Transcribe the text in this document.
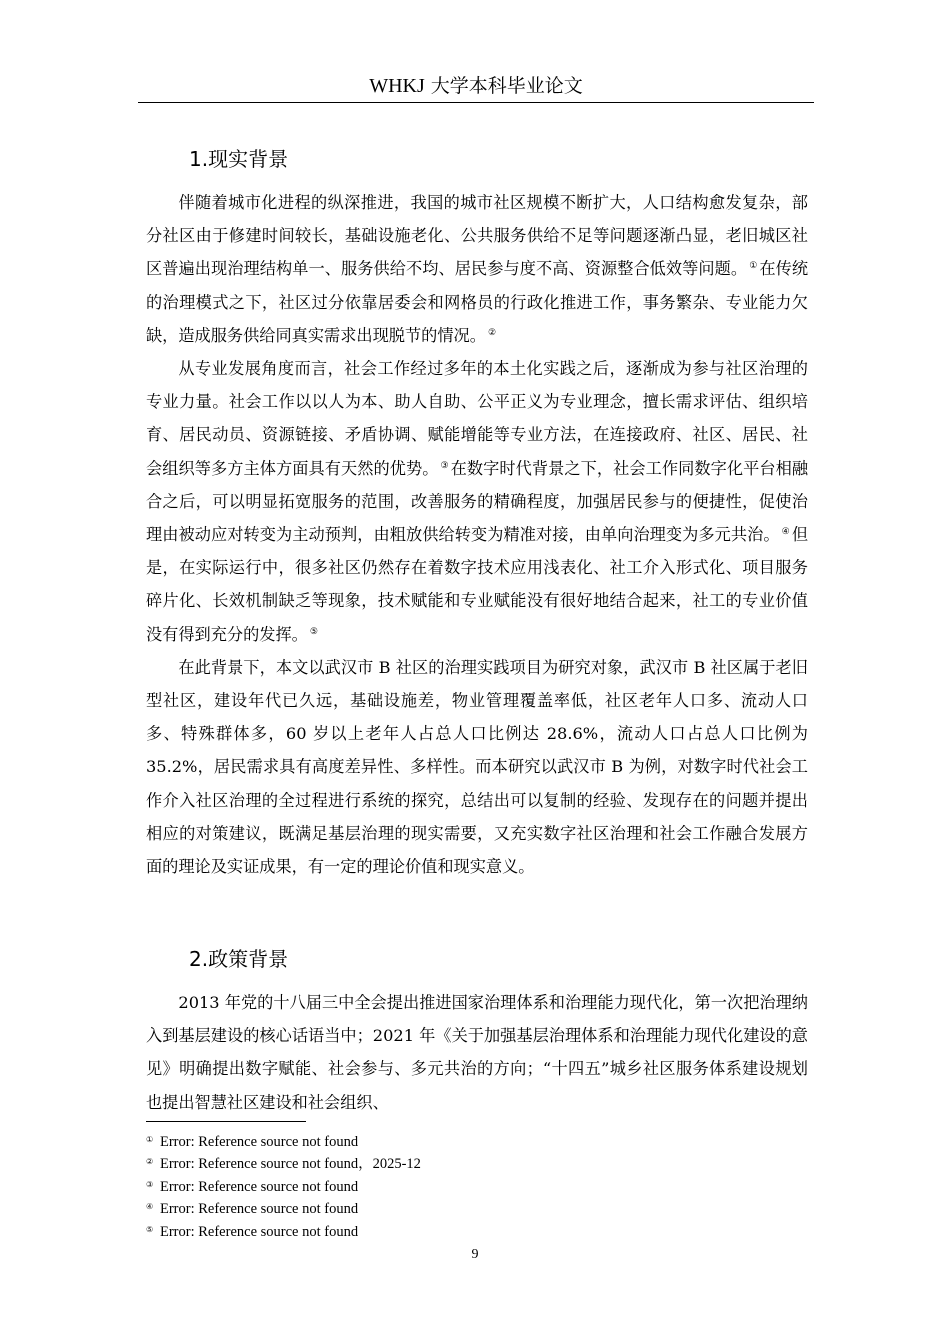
WHKJ 大学本科毕业论文
1.现实背景

伴随着城市化进程的纵深推进，我国的城市社区规模不断扩大，人口结构愈发复杂，部分社区由于修建时间较长，基础设施老化、公共服务供给不足等问题逐渐凸显，老旧城区社区普遍出现治理结构单一、服务供给不均、居民参与度不高、资源整合低效等问题。 ① 在传统的治理模式之下，社区过分依靠居委会和网格员的行政化推进工作，事务繁杂、专业能力欠缺，造成服务供给同真实需求出现脱节的情况。 ②

从专业发展角度而言，社会工作经过多年的本土化实践之后，逐渐成为参与社区治理的专业力量。社会工作以以人为本、助人自助、公平正义为专业理念，擅长需求评估、组织培育、居民动员、资源链接、矛盾协调、赋能增能等专业方法，在连接政府、社区、居民、社会组织等多方主体方面具有天然的优势。 ③ 在数字时代背景之下，社会工作同数字化平台相融合之后，可以明显拓宽服务的范围，改善服务的精确程度，加强居民参与的便捷性，促使治理由被动应对转变为主动预判，由粗放供给转变为精准对接，由单向治理变为多元共治。 ④ 但是，在实际运行中，很多社区仍然存在着数字技术应用浅表化、社工介入形式化、项目服务碎片化、长效机制缺乏等现象，技术赋能和专业赋能没有很好地结合起来，社工的专业价值没有得到充分的发挥。 ⑤

在此背景下，本文以武汉市 B 社区的治理实践项目为研究对象，武汉市 B 社区属于老旧型社区，建设年代已久远，基础设施差，物业管理覆盖率低，社区老年人口多、流动人口多、特殊群体多，60 岁以上老年人占总人口比例达 28.6%，流动人口占总人口比例为 35.2%，居民需求具有高度差异性、多样性。而本研究以武汉市 B 为例，对数字时代社会工作介入社区治理的全过程进行系统的探究，总结出可以复制的经验、发现存在的问题并提出相应的对策建议，既满足基层治理的现实需要，又充实数字社区治理和社会工作融合发展方面的理论及实证成果，有一定的理论价值和现实意义。

2.政策背景

2013 年党的十八届三中全会提出推进国家治理体系和治理能力现代化，第一次把治理纳入到基层建设的核心话语当中；2021 年《关于加强基层治理体系和治理能力现代化建设的意见》明确提出数字赋能、社会参与、多元共治的方向；“十四五”城乡社区服务体系建设规划也提出智慧社区建设和社会组织、

① Error: Reference source not found
② Error: Reference source not found，2025-12
③ Error: Reference source not found
④ Error: Reference source not found
⑤ Error: Reference source not found
9
